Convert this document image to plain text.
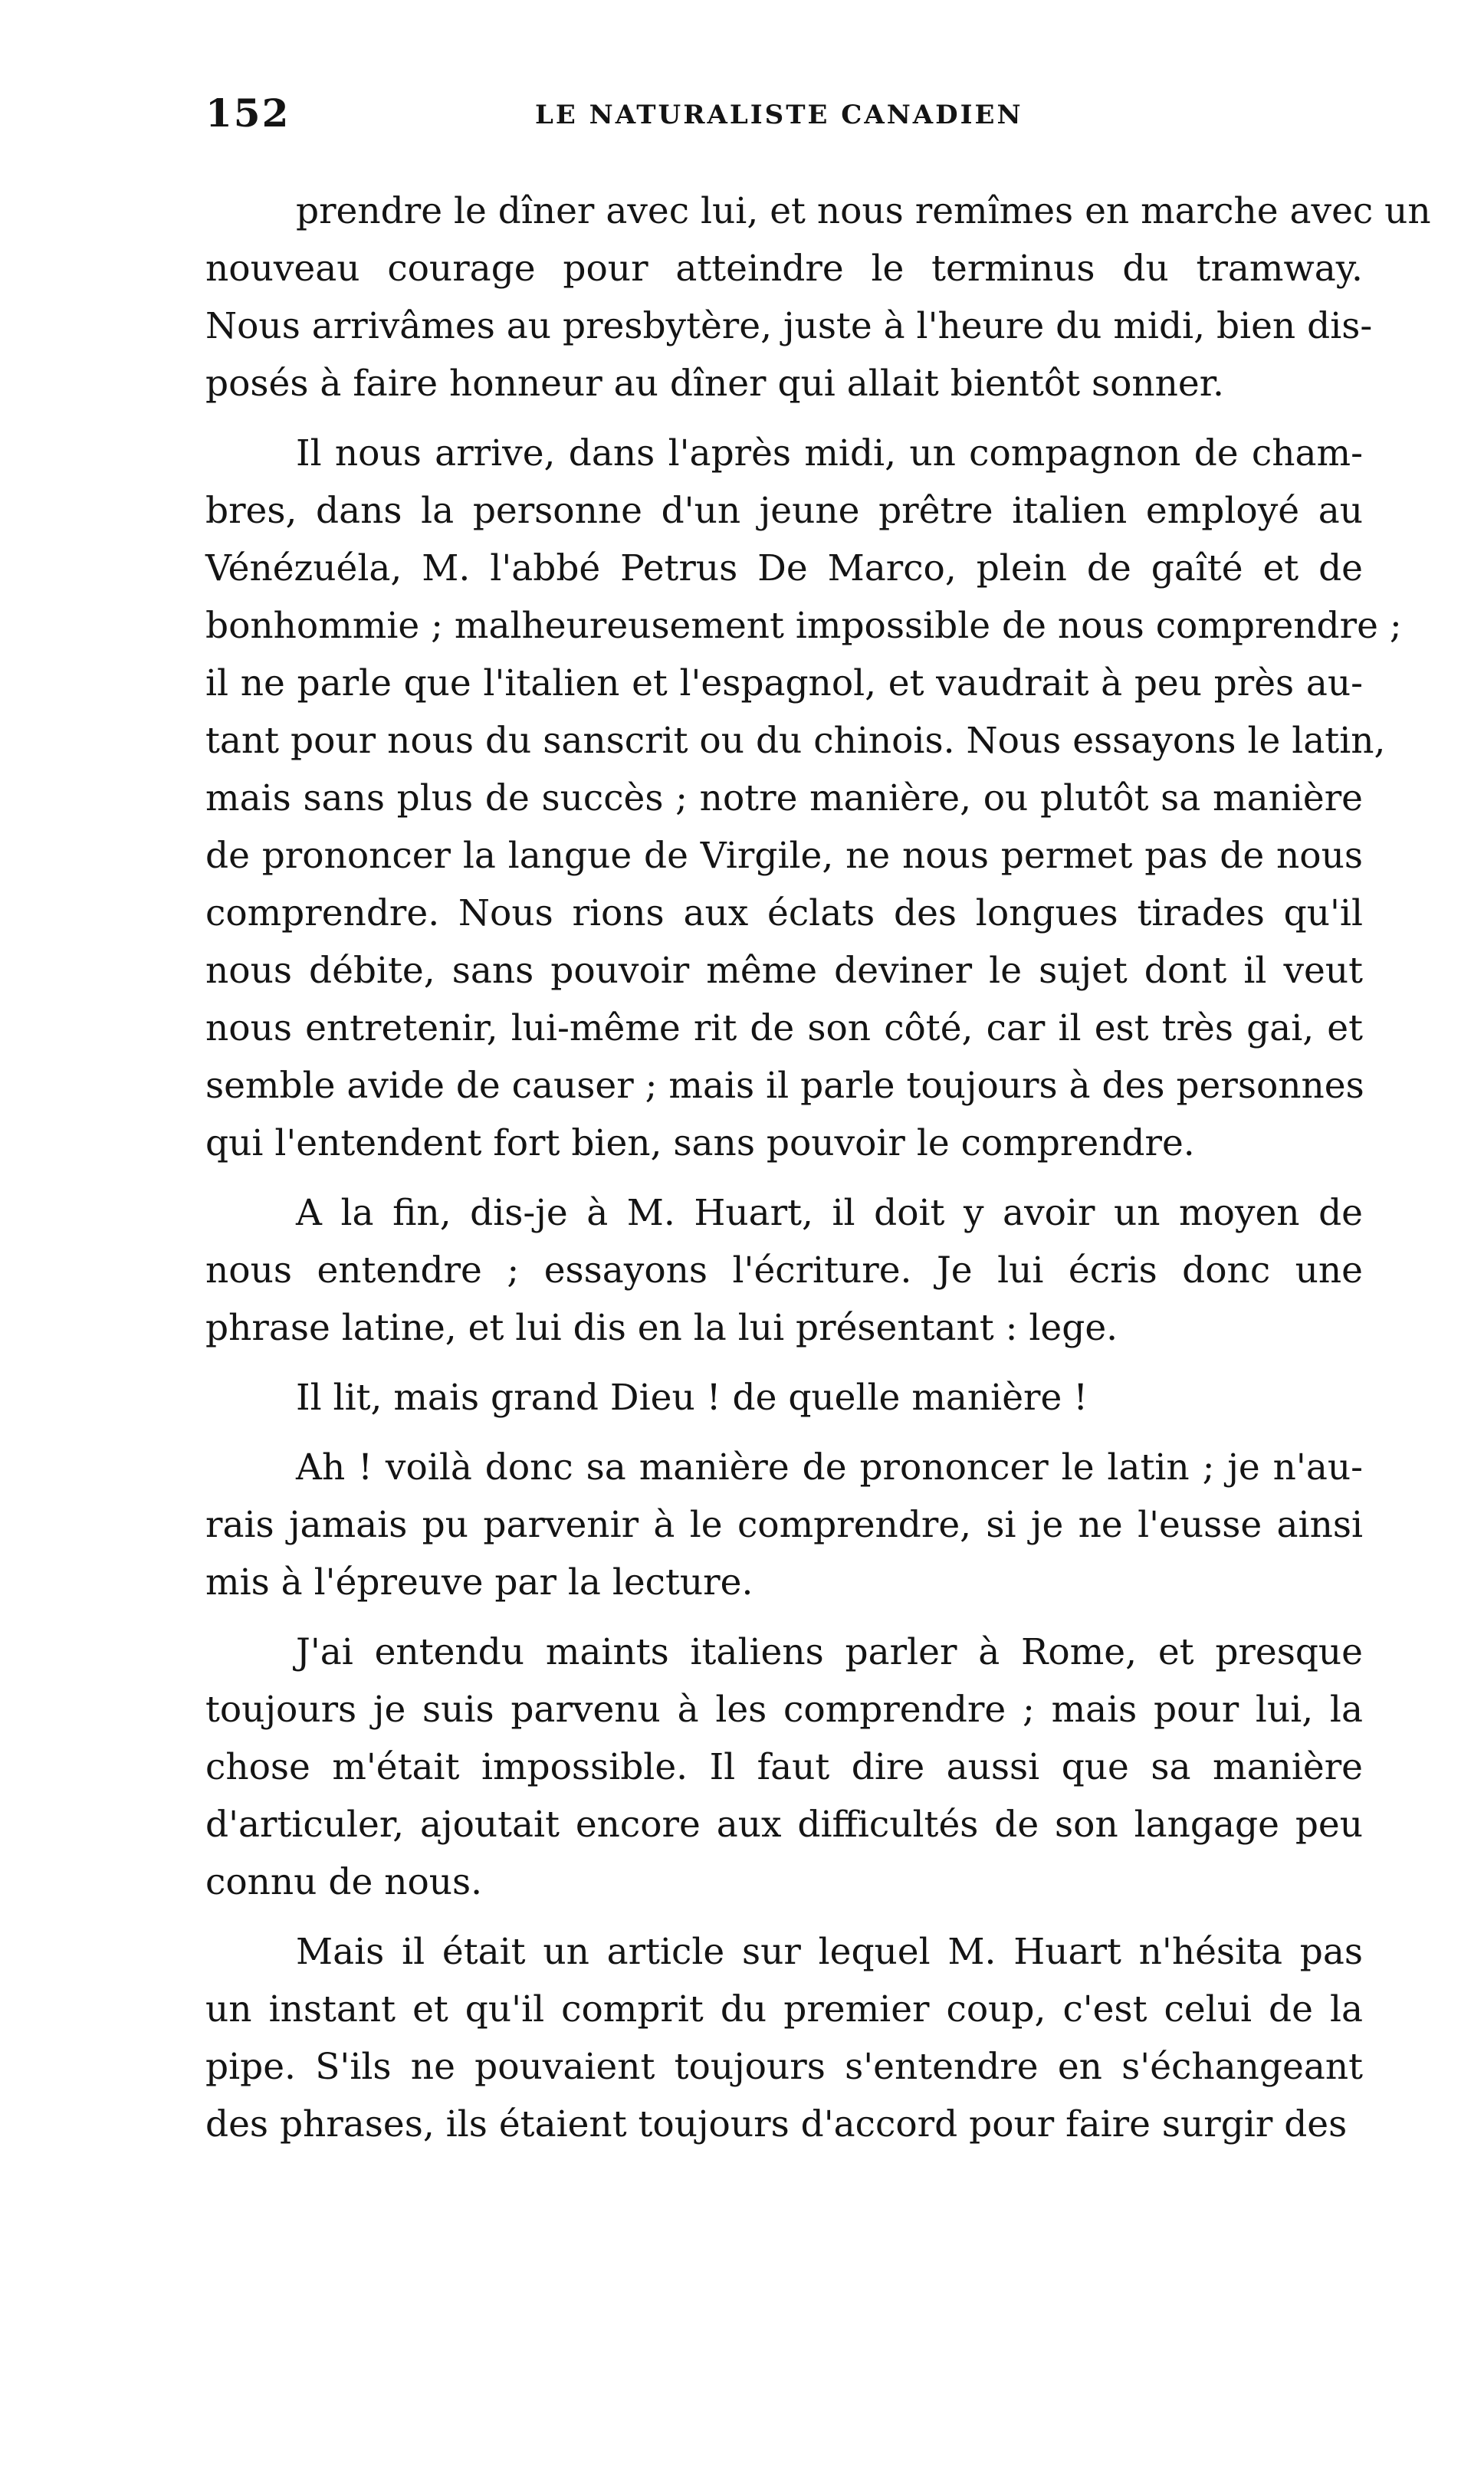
152	LE NATURALISTE CANADIEN
prendre le dîner avec lui, et nous remîmes en marche avec un
nouveau courage pour atteindre le terminus du tramway.
Nous arrivâmes au presbytère, juste à l'heure du midi, bien dis-
posés à faire honneur au dîner qui allait bientôt sonner.
Il nous arrive, dans l'après midi, un compagnon de cham-
bres, dans la personne d'un jeune prêtre italien employé au
Vénézuéla, M. l'abbé Petrus De Marco, plein de gaîté et de
bonhommie ; malheureusement impossible de nous comprendre ;
il ne parle que l'italien et l'espagnol, et vaudrait à peu près au-
tant pour nous du sanscrit ou du chinois. Nous essayons le latin,
mais sans plus de succès ; notre manière, ou plutôt sa manière
de prononcer la langue de Virgile, ne nous permet pas de nous
comprendre. Nous rions aux éclats des longues tirades qu'il
nous débite, sans pouvoir même deviner le sujet dont il veut
nous entretenir, lui-même rit de son côté, car il est très gai, et
semble avide de causer ; mais il parle toujours à des personnes
qui l'entendent fort bien, sans pouvoir le comprendre.
A la fin, dis-je à M. Huart, il doit y avoir un moyen de
nous entendre ; essayons l'écriture. Je lui écris donc une
phrase latine, et lui dis en la lui présentant : lege.
Il lit, mais grand Dieu ! de quelle manière !
Ah ! voilà donc sa manière de prononcer le latin ; je n'au-
rais jamais pu parvenir à le comprendre, si je ne l'eusse ainsi
mis à l'épreuve par la lecture.
J'ai entendu maints italiens parler à Rome, et presque
toujours je suis parvenu à les comprendre ; mais pour lui, la
chose m'était impossible. Il faut dire aussi que sa manière
d'articuler, ajoutait encore aux difficultés de son langage peu
connu de nous.
Mais il était un article sur lequel M. Huart n'hésita pas
un instant et qu'il comprit du premier coup, c'est celui de la
pipe. S'ils ne pouvaient toujours s'entendre en s'échangeant
des phrases, ils étaient toujours d'accord pour faire surgir des
